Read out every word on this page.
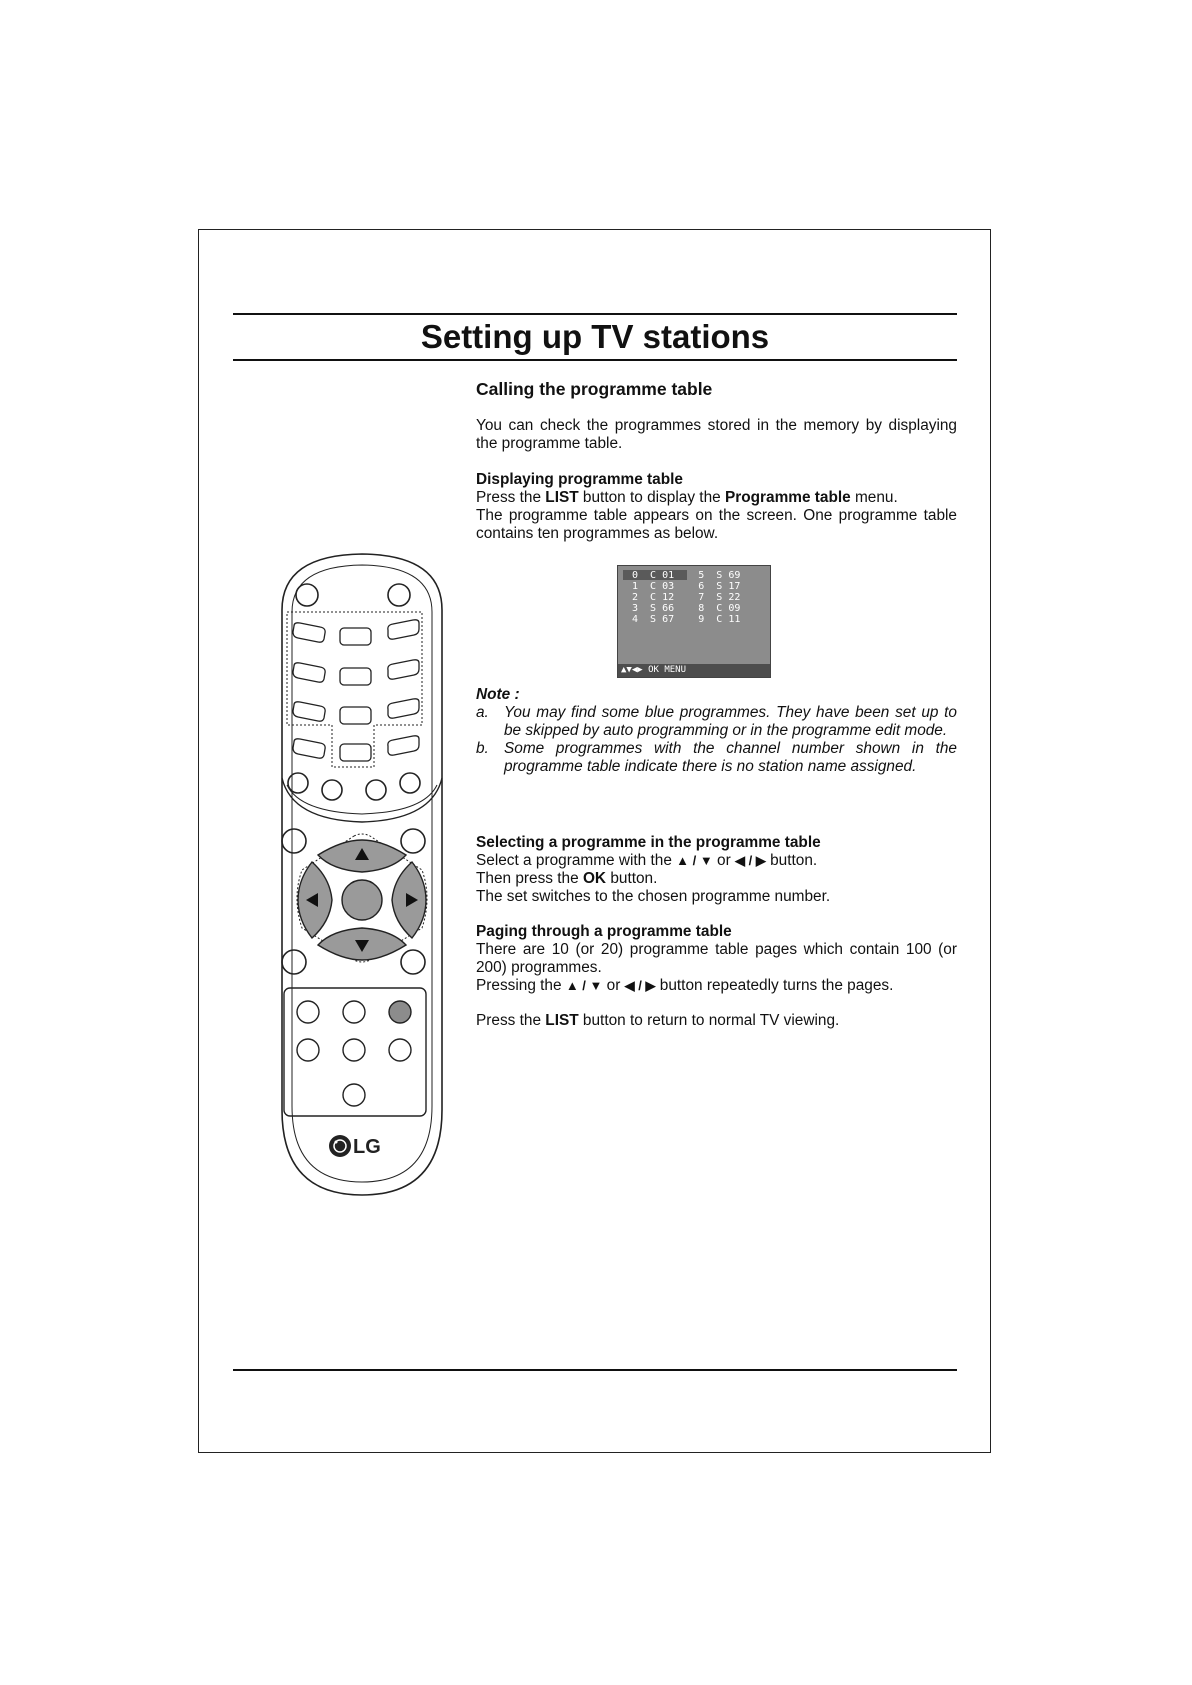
Setting up TV stations
LG

Calling the programme table

You can check the programmes stored in the memory by displaying the programme table.

Displaying programme table

Press the LIST button to display the Programme table menu.

The programme table appears on the screen. One programme table contains ten programmes as below.

0  C 01    5  S 69
1  C 03    6  S 17
2  C 12    7  S 22
3  S 66    8  C 09
4  S 67    9  C 11
▲▼◀▶ OK MENU

Note :

a. You may find some blue programmes. They have been set up to be skipped by auto programming or in the programme edit mode.
b. Some programmes with the channel number shown in the programme table indicate there is no station name assigned.

Selecting a programme in the programme table

Select a programme with the ▲ / ▼ or ◀ / ▶ button.

Then press the OK button.

The set switches to the chosen programme number.

Paging through a programme table

There are 10 (or 20) programme table pages which contain 100 (or 200) programmes.

Pressing the ▲ / ▼ or ◀ / ▶ button repeatedly turns the pages.

Press the LIST button to return to normal TV viewing.
